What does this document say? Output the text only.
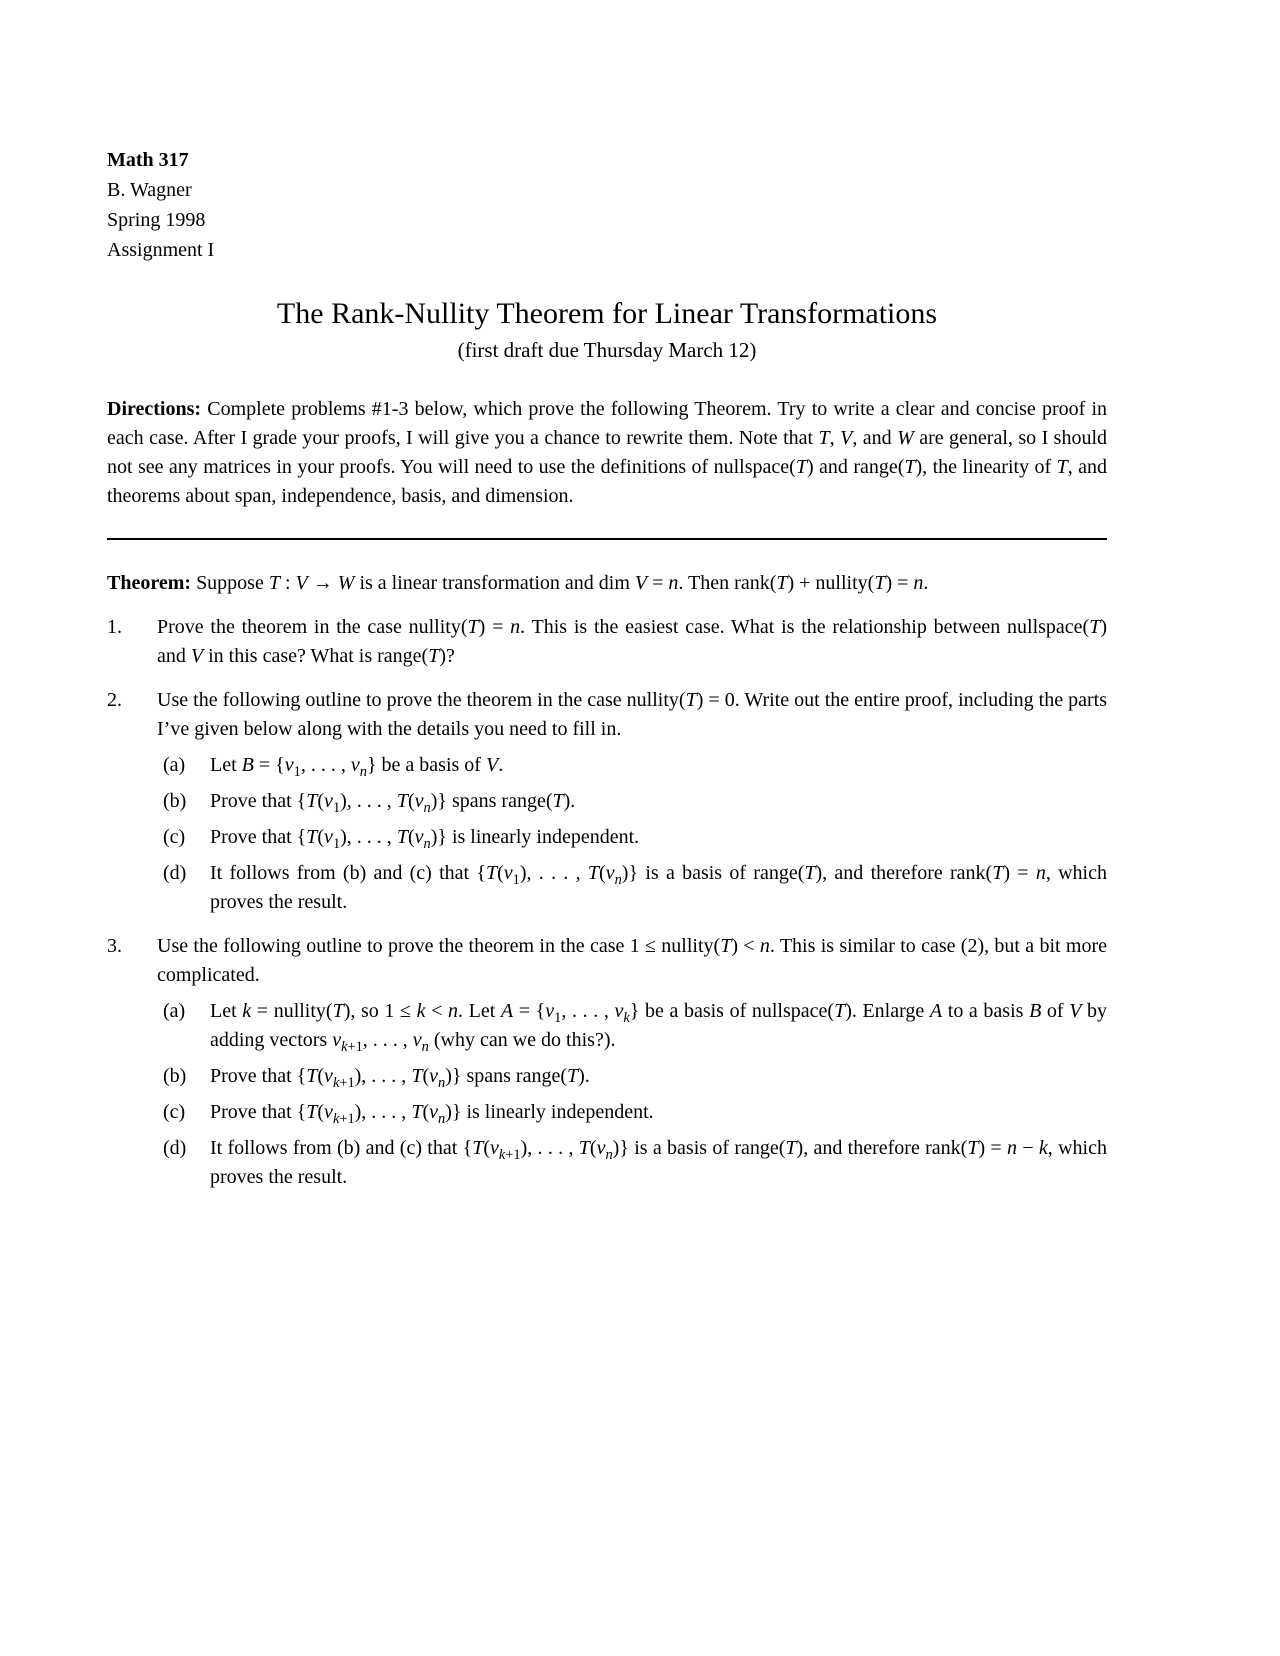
Math 317
B. Wagner
Spring 1998
Assignment I
The Rank-Nullity Theorem for Linear Transformations
(first draft due Thursday March 12)

Directions: Complete problems #1-3 below, which prove the following Theorem. Try to write a clear and concise proof in each case. After I grade your proofs, I will give you a chance to rewrite them. Note that T, V, and W are general, so I should not see any matrices in your proofs. You will need to use the definitions of nullspace(T) and range(T), the linearity of T, and theorems about span, independence, basis, and dimension.

Theorem: Suppose T : V → W is a linear transformation and dim V = n. Then rank(T) + nullity(T) = n.

1.	Prove the theorem in the case nullity(T) = n. This is the easiest case. What is the relationship between nullspace(T) and V in this case? What is range(T)?
2.	Use the following outline to prove the theorem in the case nullity(T) = 0. Write out the entire proof, including the parts I’ve given below along with the details you need to fill in.
(a)	Let $B = \{v_1$, . . . , $v_n$} be a basis of V.
(b)	Prove that {$T(v_1)$, . . . , $T(v_n)$} spans range(T).
(c)	Prove that {$T(v_1)$, . . . , $T(v_n)$} is linearly independent.
(d)	It follows from (b) and (c) that {$T(v_1)$, . . . , $T(v_n)$} is a basis of range(T), and therefore rank(T) = n, which proves the result.
3.	Use the following outline to prove the theorem in the case 1 ≤ nullity(T) < n. This is similar to case (2), but a bit more complicated.
(a)	Let k = nullity(T), so 1 ≤ k < n. Let $A = \{v_1$, . . . , $v_k$} be a basis of nullspace(T). Enlarge A to a basis B of V by adding vectors $v_{k+1}$, . . . , $v_n$ (why can we do this?).
(b)	Prove that {$T(v_{k+1})$, . . . , $T(v_n)$} spans range(T).
(c)	Prove that {$T(v_{k+1})$, . . . , $T(v_n)$} is linearly independent.
(d)	It follows from (b) and (c) that {$T(v_{k+1})$, . . . , $T(v_n)$} is a basis of range(T), and therefore rank(T) = n − k, which proves the result.
